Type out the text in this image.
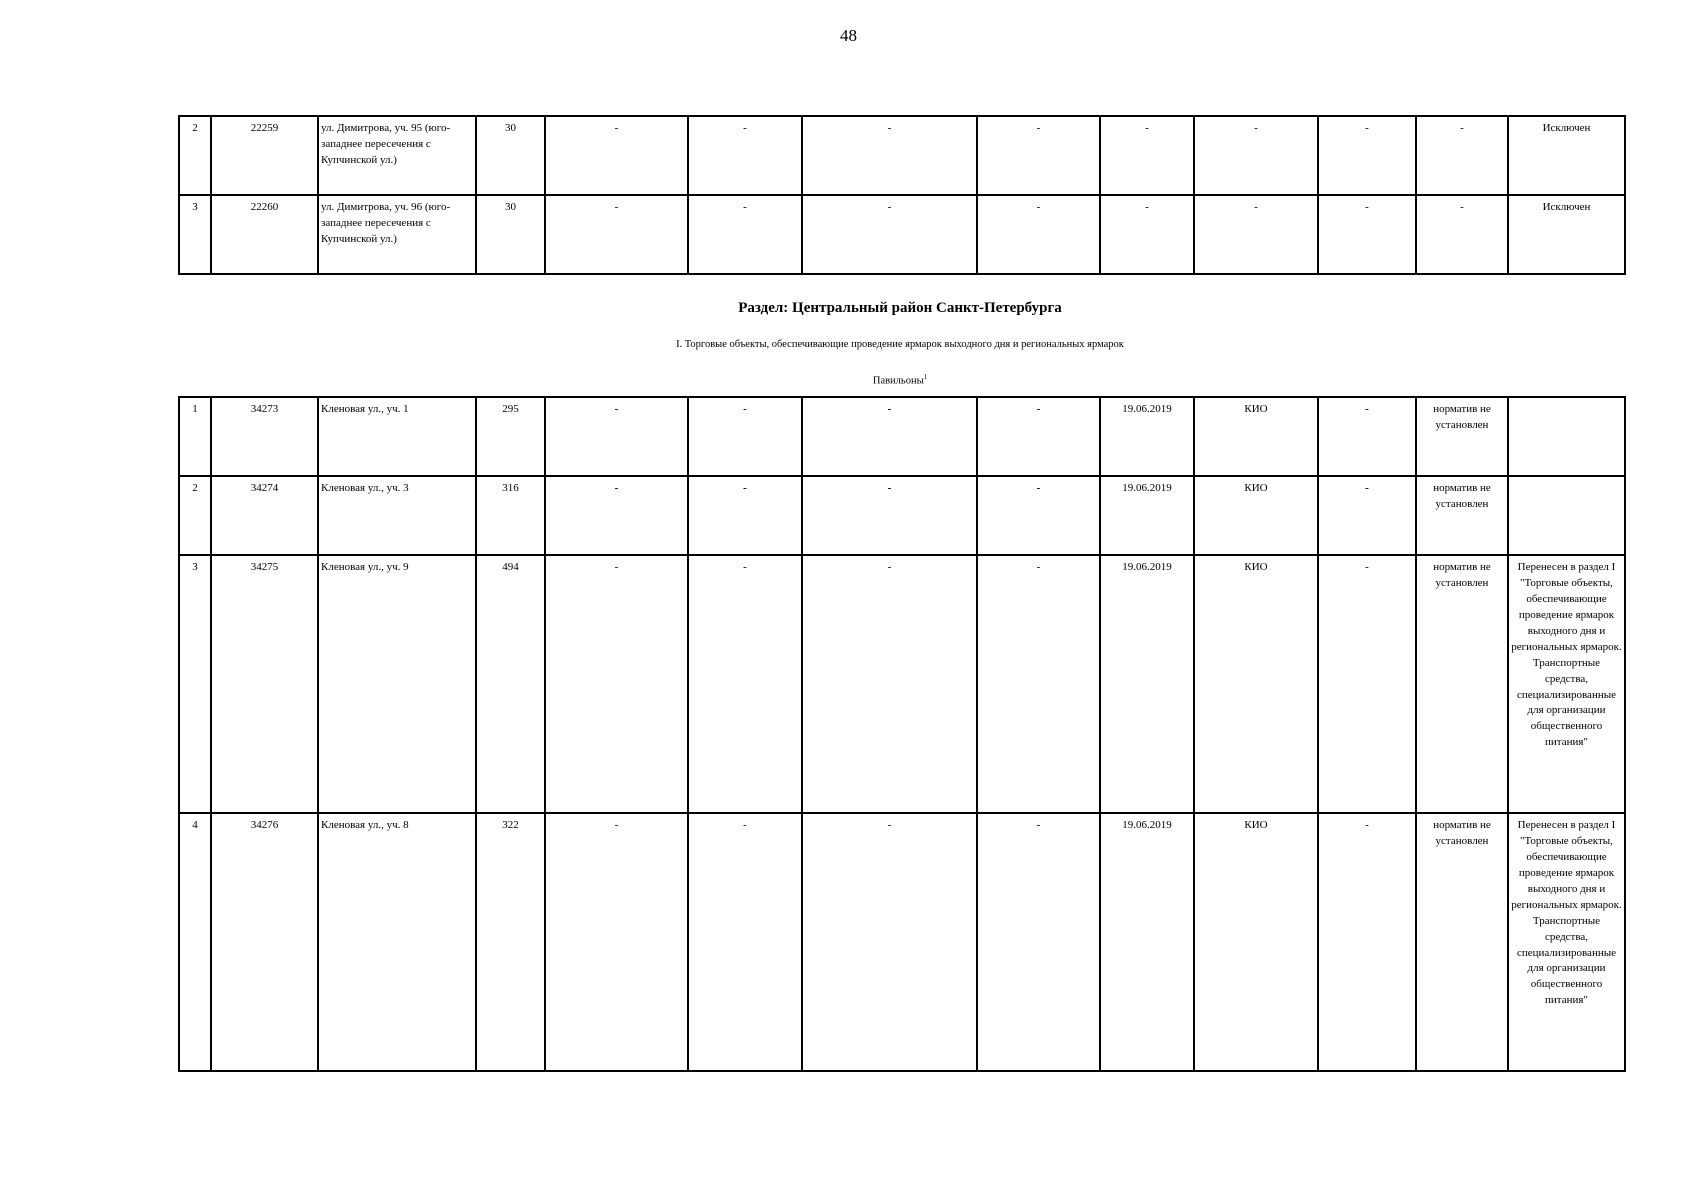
48
2	22259	ул. Димитрова, уч. 95 (юго-западнее пересечения с Купчинской ул.)	30	-	-	-	-	-	-	-	-	Исключен
3	22260	ул. Димитрова, уч. 96 (юго-западнее пересечения с Купчинской ул.)	30	-	-	-	-	-	-	-	-	Исключен
Раздел: Центральный район Санкт-Петербурга
I. Торговые объекты, обеспечивающие проведение ярмарок выходного дня и региональных ярмарок
Павильоны$^1$
1	34273	Кленовая ул., уч. 1	295	-	-	-	-	19.06.2019	КИО	-	норматив не установлен	
2	34274	Кленовая ул., уч. 3	316	-	-	-	-	19.06.2019	КИО	-	норматив не установлен	
3	34275	Кленовая ул., уч. 9	494	-	-	-	-	19.06.2019	КИО	-	норматив не установлен	Перенесен в раздел I "Торговые объекты, обеспечивающие проведение ярмарок выходного дня и региональных ярмарок. Транспортные средства, специализированные для организации общественного питания"
4	34276	Кленовая ул., уч. 8	322	-	-	-	-	19.06.2019	КИО	-	норматив не установлен	Перенесен в раздел I "Торговые объекты, обеспечивающие проведение ярмарок выходного дня и региональных ярмарок. Транспортные средства, специализированные для организации общественного питания"
